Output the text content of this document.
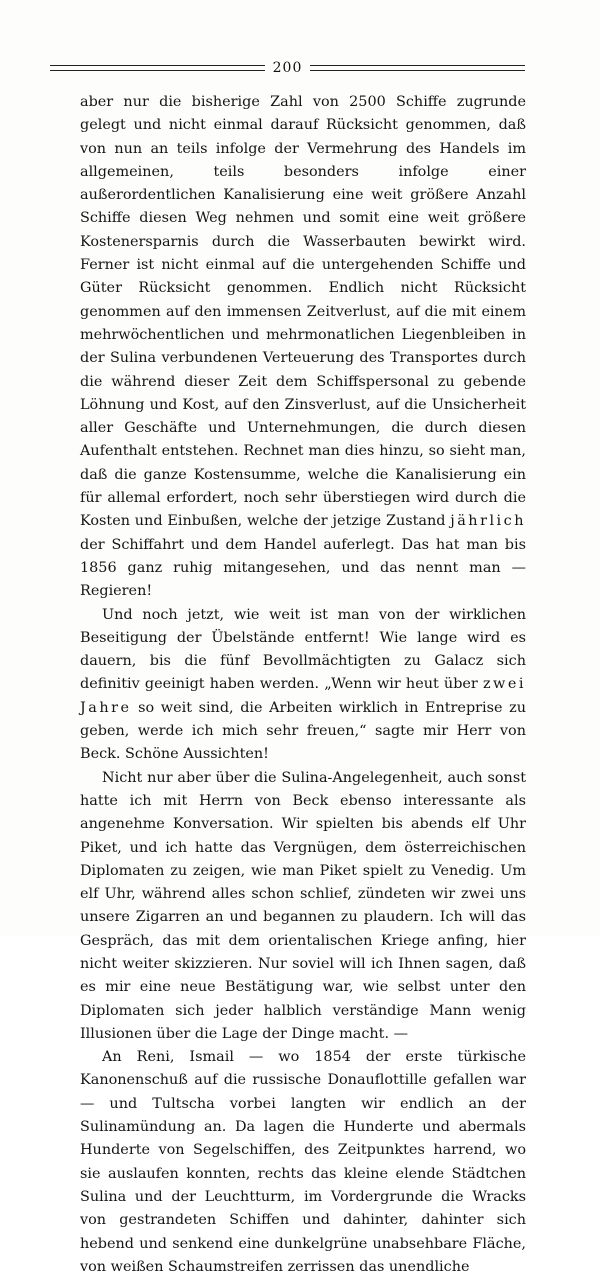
200

aber nur die bisherige Zahl von 2500 Schiffe zugrunde gelegt und nicht einmal darauf Rücksicht genommen, daß von nun an teils infolge der Vermehrung des Handels im allgemeinen, teils besonders infolge einer außerordentlichen Kanalisierung eine weit größere Anzahl Schiffe diesen Weg nehmen und somit eine weit größere Kostenersparnis durch die Wasserbauten bewirkt wird. Ferner ist nicht einmal auf die untergehenden Schiffe und Güter Rücksicht genommen. Endlich nicht Rücksicht genommen auf den immensen Zeitverlust, auf die mit einem mehrwöchentlichen und mehrmonatlichen Liegenbleiben in der Sulina verbundenen Verteuerung des Transportes durch die während dieser Zeit dem Schiffspersonal zu gebende Löhnung und Kost, auf den Zinsverlust, auf die Unsicherheit aller Geschäfte und Unternehmungen, die durch diesen Aufenthalt entstehen. Rechnet man dies hinzu, so sieht man, daß die ganze Kostensumme, welche die Kanalisierung ein für allemal erfordert, noch sehr überstiegen wird durch die Kosten und Einbußen, welche der jetzige Zustand jährlich der Schiffahrt und dem Handel auferlegt. Das hat man bis 1856 ganz ruhig mitangesehen, und das nennt man — Regieren!

Und noch jetzt, wie weit ist man von der wirklichen Beseitigung der Übelstände entfernt! Wie lange wird es dauern, bis die fünf Bevollmächtigten zu Galacz sich definitiv geeinigt haben werden. „Wenn wir heut über zwei Jahre so weit sind, die Arbeiten wirklich in Entreprise zu geben, werde ich mich sehr freuen,“ sagte mir Herr von Beck. Schöne Aussichten!

Nicht nur aber über die Sulina-Angelegenheit, auch sonst hatte ich mit Herrn von Beck ebenso interessante als angenehme Konversation. Wir spielten bis abends elf Uhr Piket, und ich hatte das Vergnügen, dem österreichischen Diplomaten zu zeigen, wie man Piket spielt zu Venedig. Um elf Uhr, während alles schon schlief, zündeten wir zwei uns unsere Zigarren an und begannen zu plaudern. Ich will das Gespräch, das mit dem orientalischen Kriege anfing, hier nicht weiter skizzieren. Nur soviel will ich Ihnen sagen, daß es mir eine neue Bestätigung war, wie selbst unter den Diplomaten sich jeder halblich verständige Mann wenig Illusionen über die Lage der Dinge macht. —

An Reni, Ismail — wo 1854 der erste türkische Kanonenschuß auf die russische Donauflottille gefallen war — und Tultscha vorbei langten wir endlich an der Sulinamündung an. Da lagen die Hunderte und abermals Hunderte von Segelschiffen, des Zeitpunktes harrend, wo sie auslaufen konnten, rechts das kleine elende Städtchen Sulina und der Leuchtturm, im Vordergrunde die Wracks von gestrandeten Schiffen und dahinter, dahinter sich hebend und senkend eine dunkelgrüne unabsehbare Fläche, von weißen Schaumstreifen zerrissen das unendliche
